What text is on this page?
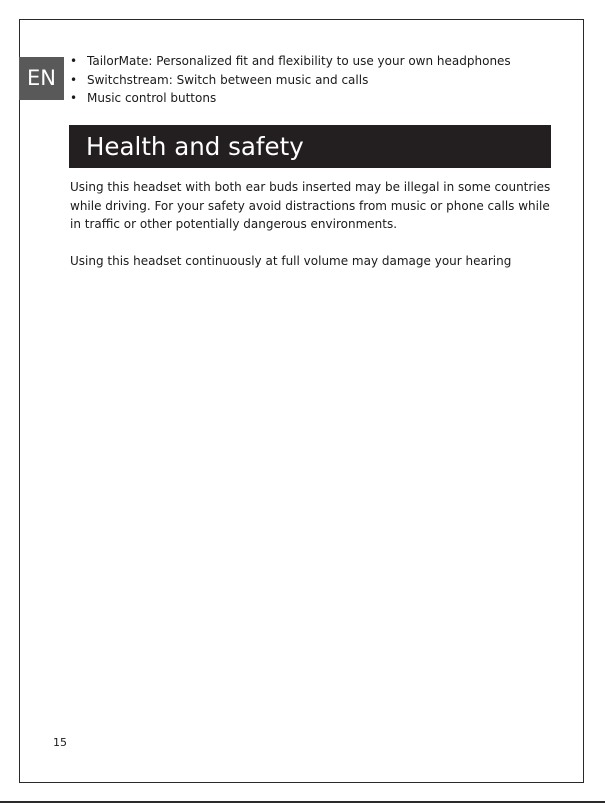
EN
• TailorMate: Personalized fit and flexibility to use your own headphones
• Switchstream: Switch between music and calls
• Music control buttons
Health and safety

Using this headset with both ear buds inserted may be illegal in some countries while driving. For your safety avoid distractions from music or phone calls while in traffic or other potentially dangerous environments.

Using this headset continuously at full volume may damage your hearing

15
